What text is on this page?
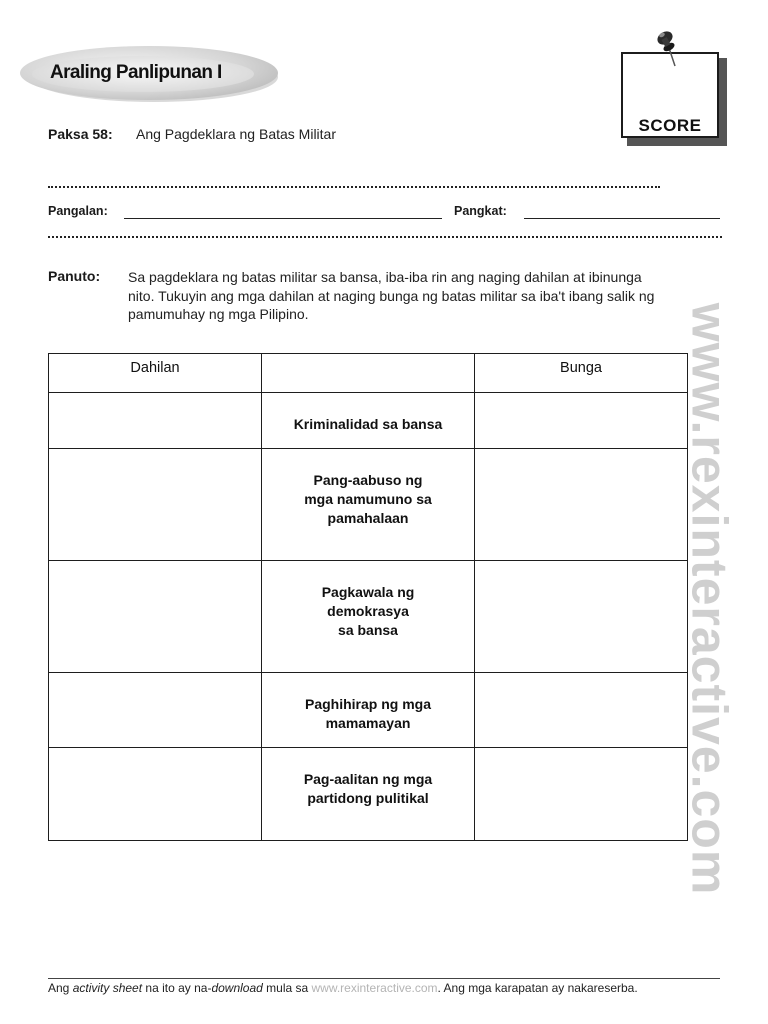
Araling Panlipunan I
SCORE
Paksa 58: Ang Pagdeklara ng Batas Militar
Pangalan:	Pangkat:
Panuto: Sa pagdeklara ng batas militar sa bansa, iba-iba rin ang naging dahilan at ibinunga nito. Tukuyin ang mga dahilan at naging bunga ng batas militar sa iba't ibang salik ng pamumuhay ng mga Pilipino.
Dahilan		Bunga

	Kriminalidad sa bansa	

	Pang-aabuso ng
mga namumuno sa
pamahalaan	

	Pagkawala ng
demokrasya
sa bansa	

	Paghihirap ng mga
mamamayan	

	Pag-aalitan ng mga
partidong pulitikal	
		www.rexinteractive.com
Ang activity sheet na ito ay na-download mula sa www.rexinteractive.com. Ang mga karapatan ay nakareserba.
